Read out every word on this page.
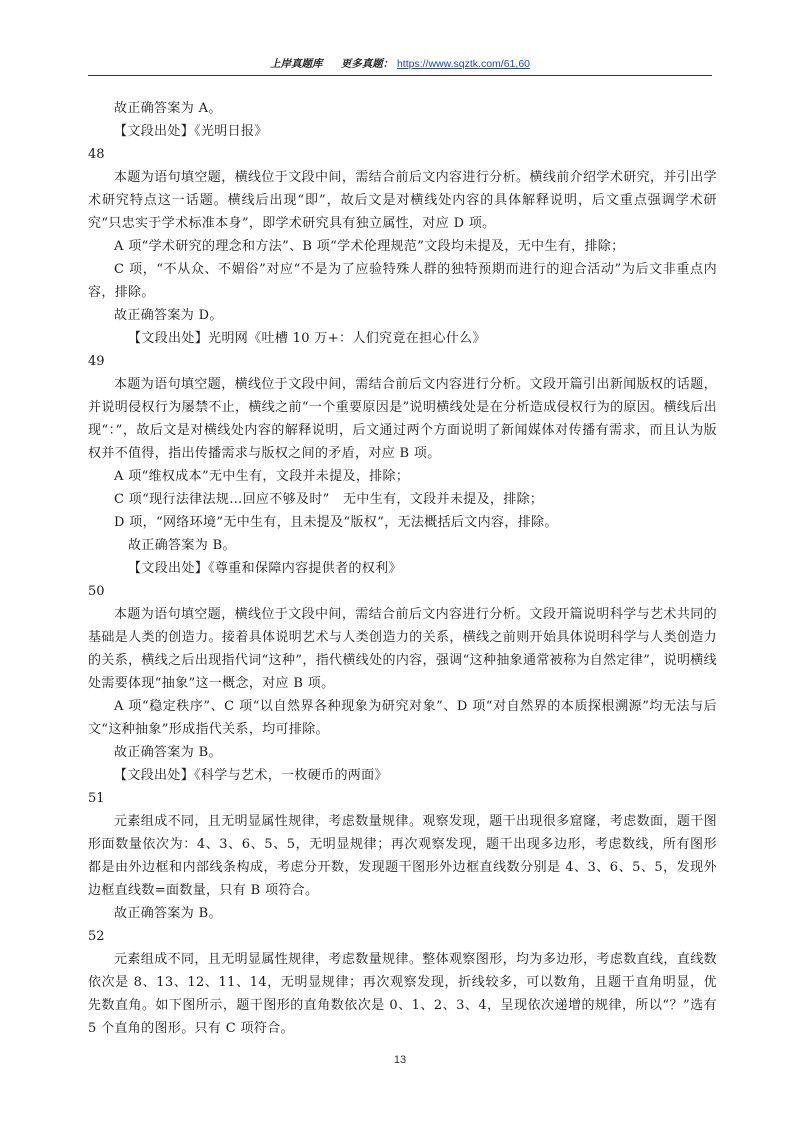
上岸真题库 更多真题： https://www.sqztk.com/61,60

故正确答案为 A。

【文段出处】《光明日报》

48

本题为语句填空题，横线位于文段中间，需结合前后文内容进行分析。横线前介绍学术研究，并引出学术研究特点这一话题。横线后出现“即”，故后文是对横线处内容的具体解释说明，后文重点强调学术研究“只忠实于学术标准本身”，即学术研究具有独立属性，对应 D 项。

A 项“学术研究的理念和方法”、B 项“学术伦理规范”文段均未提及，无中生有，排除；

C 项，“不从众、不媚俗”对应“不是为了应验特殊人群的独特预期而进行的迎合活动”为后文非重点内容，排除。

故正确答案为 D。

【文段出处】光明网《吐槽 10 万+：人们究竟在担心什么》

49

本题为语句填空题，横线位于文段中间，需结合前后文内容进行分析。文段开篇引出新闻版权的话题，并说明侵权行为屡禁不止，横线之前“一个重要原因是”说明横线处是在分析造成侵权行为的原因。横线后出现“：”，故后文是对横线处内容的解释说明，后文通过两个方面说明了新闻媒体对传播有需求，而且认为版权并不值得，指出传播需求与版权之间的矛盾，对应 B 项。

A 项“维权成本”无中生有，文段并未提及，排除；

C 项“现行法律法规…回应不够及时”　无中生有，文段并未提及，排除；

D 项，“网络环境”无中生有，且未提及“版权”，无法概括后文内容，排除。

故正确答案为 B。

【文段出处】《尊重和保障内容提供者的权利》

50

本题为语句填空题，横线位于文段中间，需结合前后文内容进行分析。文段开篇说明科学与艺术共同的基础是人类的创造力。接着具体说明艺术与人类创造力的关系，横线之前则开始具体说明科学与人类创造力的关系，横线之后出现指代词“这种”，指代横线处的内容，强调“这种抽象通常被称为自然定律”，说明横线处需要体现“抽象”这一概念，对应 B 项。

A 项“稳定秩序”、C 项“以自然界各种现象为研究对象”、D 项“对自然界的本质探根溯源”均无法与后文“这种抽象”形成指代关系，均可排除。

故正确答案为 B。

【文段出处】《科学与艺术，一枚硬币的两面》

51

元素组成不同，且无明显属性规律，考虑数量规律。观察发现，题干出现很多窟窿，考虑数面，题干图形面数量依次为：4、3、6、5、5，无明显规律；再次观察发现，题干出现多边形，考虑数线，所有图形都是由外边框和内部线条构成，考虑分开数，发现题干图形外边框直线数分别是 4、3、6、5、5，发现外边框直线数=面数量，只有 B 项符合。

故正确答案为 B。

52

元素组成不同，且无明显属性规律，考虑数量规律。整体观察图形，均为多边形，考虑数直线，直线数依次是 8、13、12、11、14，无明显规律；再次观察发现，折线较多，可以数角，且题干直角明显，优先数直角。如下图所示，题干图形的直角数依次是 0、1、2、3、4，呈现依次递增的规律，所以“？”选有 5 个直角的图形。只有 C 项符合。

13
